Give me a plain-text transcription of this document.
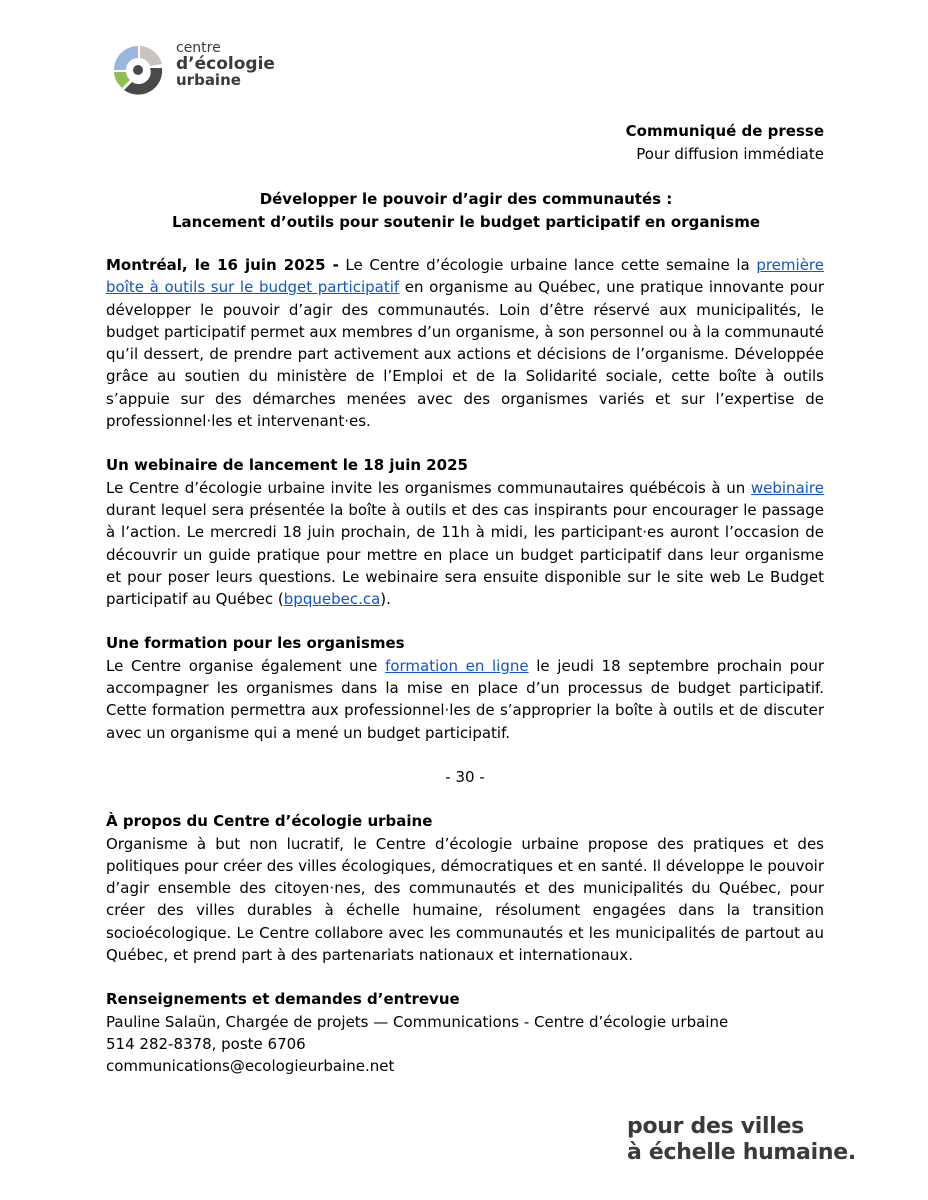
centre
d’écologie
urbaine
Communiqué de presse
Pour diffusion immédiate
Développer le pouvoir d’agir des communautés :
Lancement d’outils pour soutenir le budget participatif en organisme

Montréal, le 16 juin 2025 - Le Centre d’écologie urbaine lance cette semaine la première boîte à outils sur le budget participatif en organisme au Québec, une pratique innovante pour développer le pouvoir d’agir des communautés. Loin d’être réservé aux municipalités, le budget participatif permet aux membres d’un organisme, à son personnel ou à la communauté qu’il dessert, de prendre part activement aux actions et décisions de l’organisme. Développée grâce au soutien du ministère de l’Emploi et de la Solidarité sociale, cette boîte à outils s’appuie sur des démarches menées avec des organismes variés et sur l’expertise de professionnel·les et intervenant·es.

Un webinaire de lancement le 18 juin 2025

Le Centre d’écologie urbaine invite les organismes communautaires québécois à un webinaire durant lequel sera présentée la boîte à outils et des cas inspirants pour encourager le passage à l’action. Le mercredi 18 juin prochain, de 11h à midi, les participant·es auront l’occasion de découvrir un guide pratique pour mettre en place un budget participatif dans leur organisme et pour poser leurs questions. Le webinaire sera ensuite disponible sur le site web Le Budget participatif au Québec (bpquebec.ca).

Une formation pour les organismes

Le Centre organise également une formation en ligne le jeudi 18 septembre prochain pour accompagner les organismes dans la mise en place d’un processus de budget participatif. Cette formation permettra aux professionnel·les de s’approprier la boîte à outils et de discuter avec un organisme qui a mené un budget participatif.

- 30 -

À propos du Centre d’écologie urbaine

Organisme à but non lucratif, le Centre d’écologie urbaine propose des pratiques et des politiques pour créer des villes écologiques, démocratiques et en santé. Il développe le pouvoir d’agir ensemble des citoyen·nes, des communautés et des municipalités du Québec, pour créer des villes durables à échelle humaine, résolument engagées dans la transition socioécologique. Le Centre collabore avec les communautés et les municipalités de partout au Québec, et prend part à des partenariats nationaux et internationaux.

Renseignements et demandes d’entrevue

Pauline Salaün, Chargée de projets — Communications - Centre d’écologie urbaine

514 282-8378, poste 6706

communications@ecologieurbaine.net

pour des villes
à échelle humaine.
